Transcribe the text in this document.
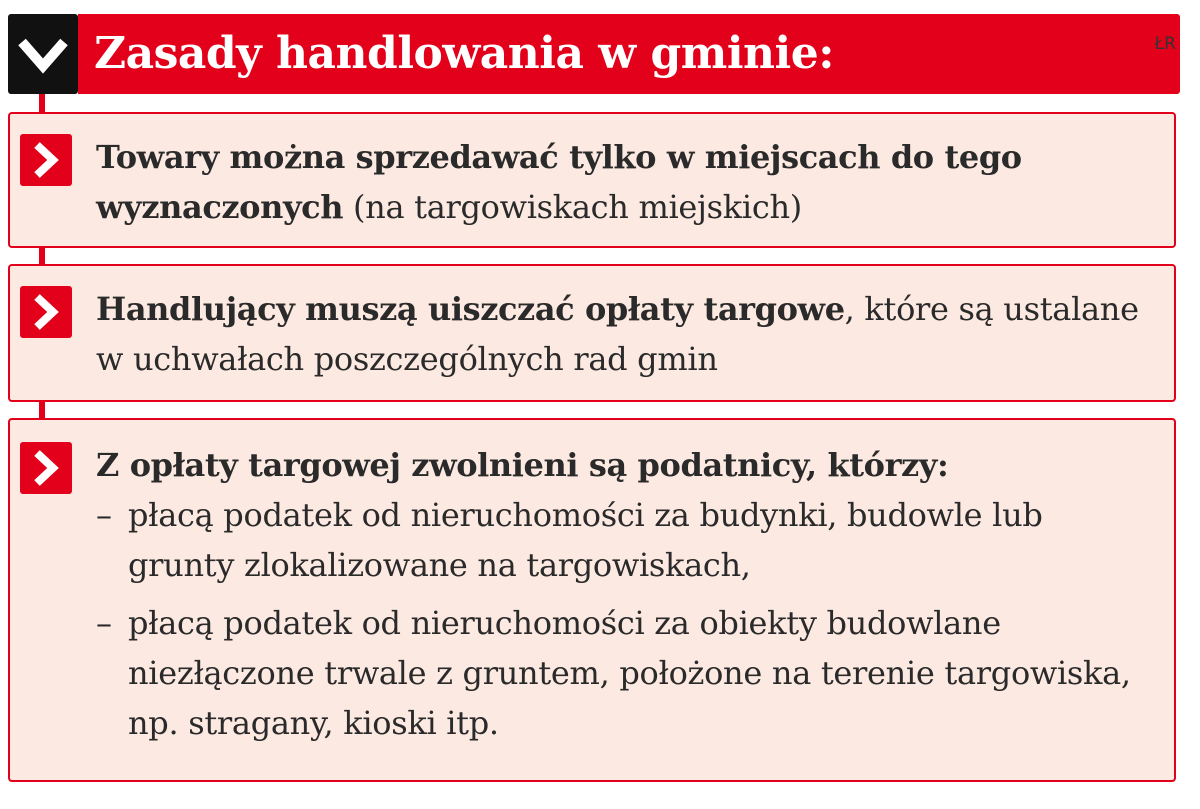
Zasady handlowania w gminie:	ŁR
Towary można sprzedawać tylko w miejscach do tego wyznaczonych (na targowiskach miejskich)
Handlujący muszą uiszczać opłaty targowe, które są ustalane w uchwałach poszczególnych rad gmin
Z opłaty targowej zwolnieni są podatnicy, którzy:
– płacą podatek od nieruchomości za budynki, budowle lub grunty zlokalizowane na targowiskach,
– płacą podatek od nieruchomości za obiekty budowlane niezłączone trwale z gruntem, położone na terenie targowiska, np. stragany, kioski itp.
